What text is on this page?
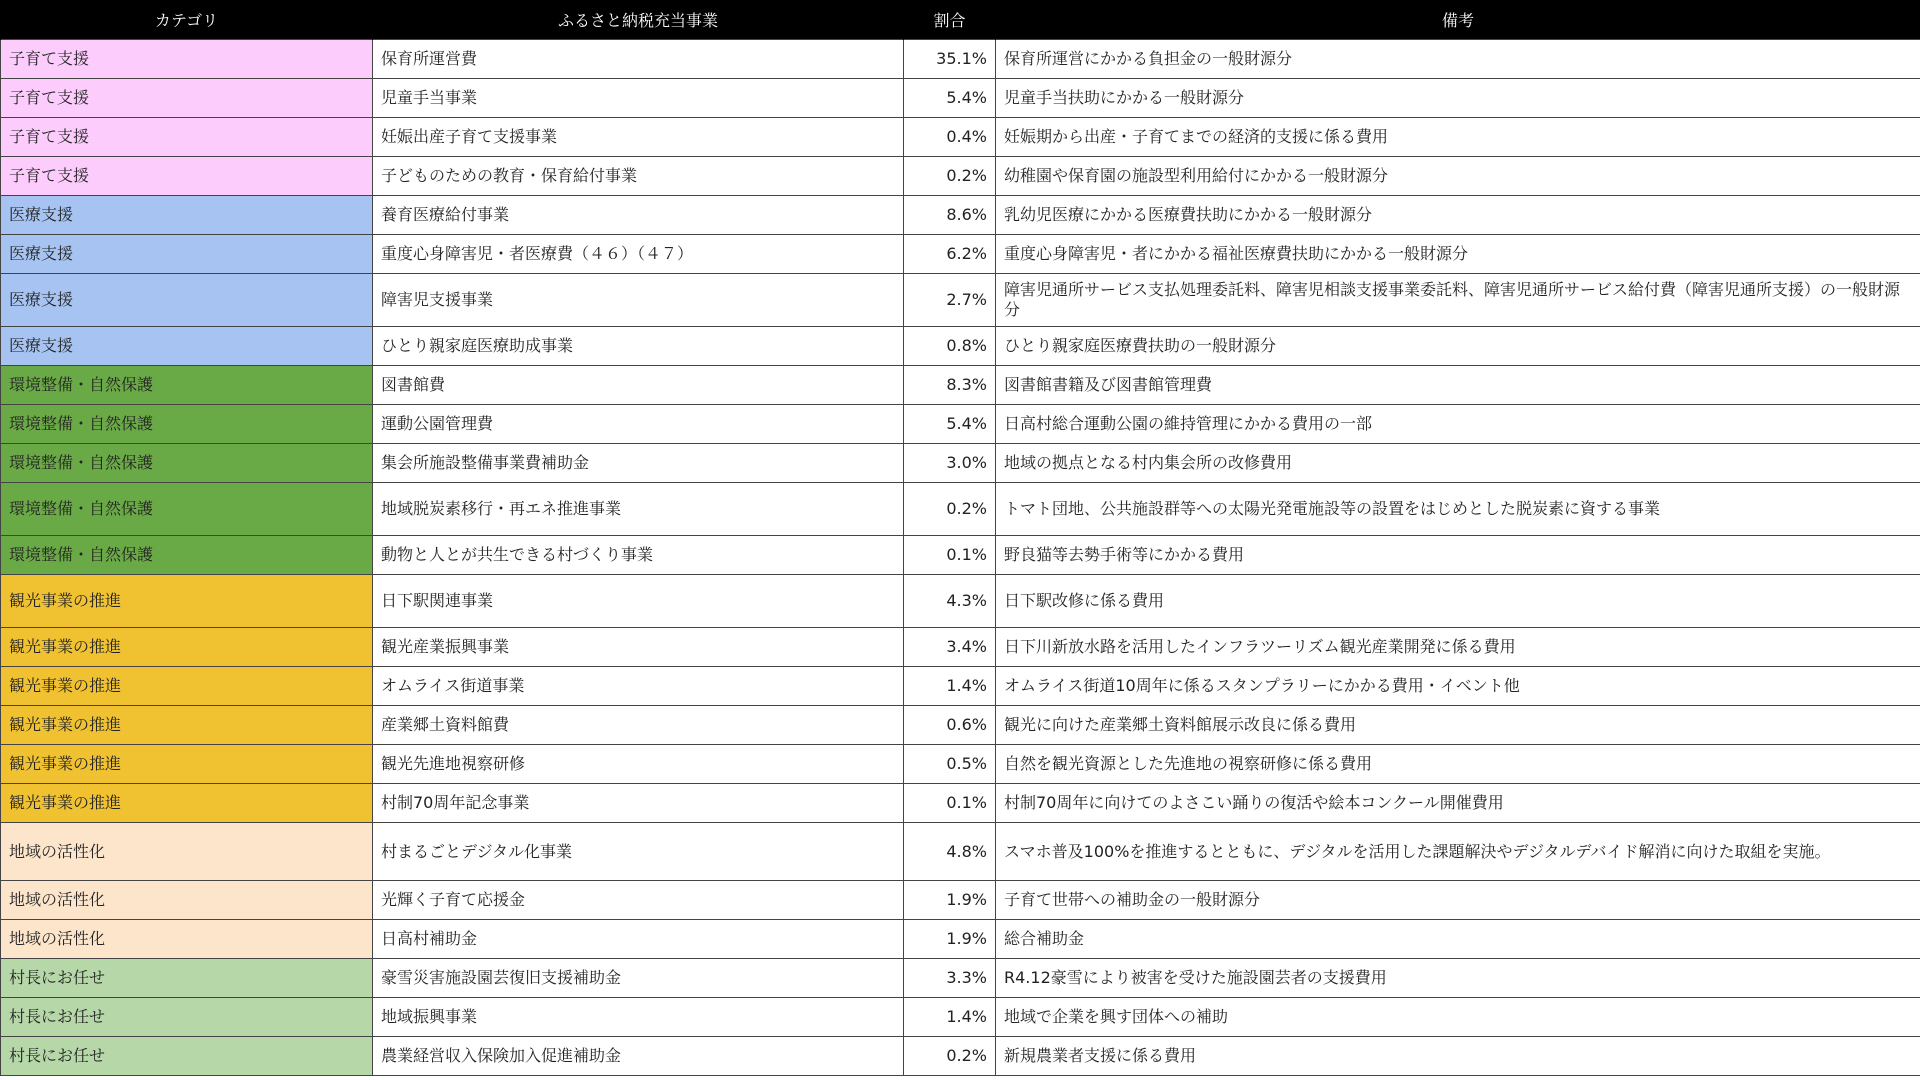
カテゴリ	ふるさと納税充当事業	割合	備考
子育て支援	保育所運営費	35.1%	保育所運営にかかる負担金の一般財源分
子育て支援	児童手当事業	5.4%	児童手当扶助にかかる一般財源分
子育て支援	妊娠出産子育て支援事業	0.4%	妊娠期から出産・子育てまでの経済的支援に係る費用
子育て支援	子どものための教育・保育給付事業	0.2%	幼稚園や保育園の施設型利用給付にかかる一般財源分
医療支援	養育医療給付事業	8.6%	乳幼児医療にかかる医療費扶助にかかる一般財源分
医療支援	重度心身障害児・者医療費（４６）（４７）	6.2%	重度心身障害児・者にかかる福祉医療費扶助にかかる一般財源分
医療支援	障害児支援事業	2.7%	障害児通所サービス支払処理委託料、障害児相談支援事業委託料、障害児通所サービス給付費（障害児通所支援）の一般財源分
医療支援	ひとり親家庭医療助成事業	0.8%	ひとり親家庭医療費扶助の一般財源分
環境整備・自然保護	図書館費	8.3%	図書館書籍及び図書館管理費
環境整備・自然保護	運動公園管理費	5.4%	日高村総合運動公園の維持管理にかかる費用の一部
環境整備・自然保護	集会所施設整備事業費補助金	3.0%	地域の拠点となる村内集会所の改修費用
環境整備・自然保護	地域脱炭素移行・再エネ推進事業	0.2%	トマト団地、公共施設群等への太陽光発電施設等の設置をはじめとした脱炭素に資する事業
環境整備・自然保護	動物と人とが共生できる村づくり事業	0.1%	野良猫等去勢手術等にかかる費用
観光事業の推進	日下駅関連事業	4.3%	日下駅改修に係る費用
観光事業の推進	観光産業振興事業	3.4%	日下川新放水路を活用したインフラツーリズム観光産業開発に係る費用
観光事業の推進	オムライス街道事業	1.4%	オムライス街道10周年に係るスタンプラリーにかかる費用・イベント他
観光事業の推進	産業郷土資料館費	0.6%	観光に向けた産業郷土資料館展示改良に係る費用
観光事業の推進	観光先進地視察研修	0.5%	自然を観光資源とした先進地の視察研修に係る費用
観光事業の推進	村制70周年記念事業	0.1%	村制70周年に向けてのよさこい踊りの復活や絵本コンクール開催費用
地域の活性化	村まるごとデジタル化事業	4.8%	スマホ普及100%を推進するとともに、デジタルを活用した課題解決やデジタルデバイド解消に向けた取組を実施。
地域の活性化	光輝く子育て応援金	1.9%	子育て世帯への補助金の一般財源分
地域の活性化	日高村補助金	1.9%	総合補助金
村長にお任せ	豪雪災害施設園芸復旧支援補助金	3.3%	R4.12豪雪により被害を受けた施設園芸者の支援費用
村長にお任せ	地域振興事業	1.4%	地域で企業を興す団体への補助
村長にお任せ	農業経営収入保険加入促進補助金	0.2%	新規農業者支援に係る費用
